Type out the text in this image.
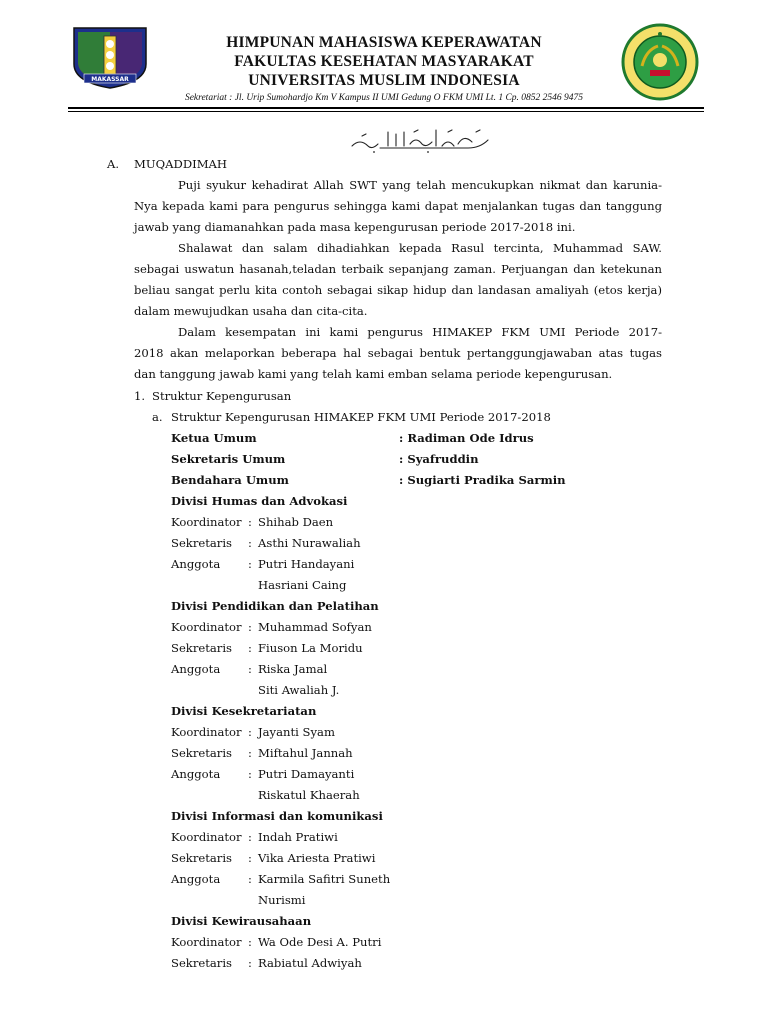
MAKASSAR
HIMPUNAN MAHASISWA KEPERAWATAN
FAKULTAS KESEHATAN MASYARAKAT
UNIVERSITAS MUSLIM INDONESIA
Sekretariat : Jl. Urip Sumohardjo Km V Kampus II UMI Gedung O FKM UMI Lt. 1 Cp. 0852 2546 9475
A. MUQADDIMAH
Puji syukur kehadirat Allah SWT yang telah mencukupkan nikmat dan karunia-
Nya kepada kami para pengurus sehingga kami dapat menjalankan tugas dan tanggung
jawab yang diamanahkan pada masa kepengurusan periode 2017-2018 ini.
Shalawat dan salam dihadiahkan kepada Rasul tercinta, Muhammad SAW.
sebagai uswatun hasanah,teladan terbaik sepanjang zaman. Perjuangan dan ketekunan
beliau sangat perlu kita contoh sebagai sikap hidup dan landasan amaliyah (etos kerja)
dalam mewujudkan usaha dan cita-cita.
Dalam kesempatan ini kami pengurus HIMAKEP FKM UMI Periode 2017-
2018 akan melaporkan beberapa hal sebagai bentuk pertanggungjawaban atas tugas
dan tanggung jawab kami yang telah kami emban selama periode kepengurusan.
1. Struktur Kepengurusan
a. Struktur Kepengurusan HIMAKEP FKM UMI Periode 2017-2018
Ketua Umum	: Radiman Ode Idrus
Sekretaris Umum	: Syafruddin
Bendahara Umum	: Sugiarti Pradika Sarmin
Divisi Humas dan Advokasi
Koordinator : Shihab Daen
Sekretaris : Asthi Nurawaliah
Anggota : Putri Handayani
Hasriani Caing
Divisi Pendidikan dan Pelatihan
Koordinator : Muhammad Sofyan
Sekretaris : Fiuson La Moridu
Anggota : Riska Jamal
Siti Awaliah J.
Divisi Kesekretariatan
Koordinator : Jayanti Syam
Sekretaris : Miftahul Jannah
Anggota : Putri Damayanti
Riskatul Khaerah
Divisi Informasi dan komunikasi
Koordinator : Indah Pratiwi
Sekretaris : Vika Ariesta Pratiwi
Anggota : Karmila Safitri Suneth
Nurismi
Divisi Kewirausahaan
Koordinator : Wa Ode Desi A. Putri
Sekretaris : Rabiatul Adwiyah
